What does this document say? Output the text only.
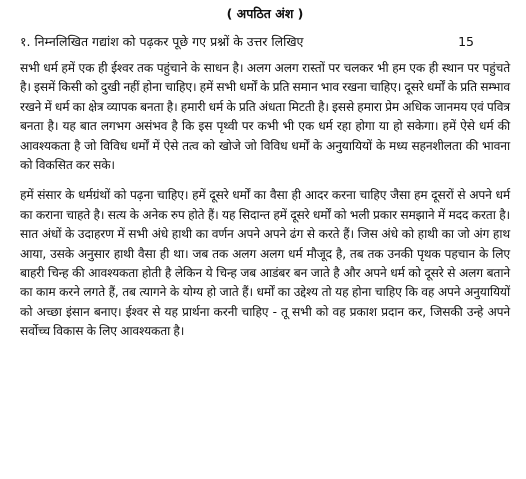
( अपठित अंश )
१. निम्नलिखित गद्यांश को पढ़कर पूछे गए प्रश्नों के उत्तर लिखिए	15

सभी धर्म हमें एक ही ईश्वर तक पहुंचाने के साधन है। अलग अलग रास्तों पर चलकर भी हम एक ही स्थान पर पहुंचते है। इसमें किसी को दुखी नहीं होना चाहिए। हमें सभी धर्मों के प्रति समान भाव रखना चाहिए। दूसरे धर्मों के प्रति सम्भाव रखने में धर्म का क्षेत्र व्यापक बनता है। हमारी धर्म के प्रति अंधता मिटती है। इससे हमारा प्रेम अधिक जानमय एवं पवित्र बनता है। यह बात लगभग असंभव है कि इस पृथ्वी पर कभी भी एक धर्म रहा होगा या हो सकेगा। हमें ऐसे धर्म की आवश्यकता है जो विविध धर्मों में ऐसे तत्व को खोजे जो विविध धर्मों के अनुयायियों के मध्य सहनशीलता की भावना को विकसित कर सके।

हमें संसार के धर्मग्रंथों को पढ़ना चाहिए। हमें दूसरे धर्मों का वैसा ही आदर करना चाहिए जैसा हम दूसरों से अपने धर्म का कराना चाहते है। सत्य के अनेक रुप होते हैं। यह सिदान्त हमें दूसरे धर्मों को भली प्रकार समझाने में मदद करता है। सात अंधों के उदाहरण में सभी अंधे हाथी का वर्णन अपने अपने ढंग से करते हैं। जिस अंधे को हाथी का जो अंग हाथ आया, उसके अनुसार हाथी वैसा ही था। जब तक अलग अलग धर्म मौजूद है, तब तक उनकी पृथक पहचान के लिए बाहरी चिन्ह की आवश्यकता होती है लेकिन ये चिन्ह जब आडंबर बन जाते है और अपने धर्म को दूसरे से अलग बताने का काम करने लगते हैं, तब त्यागने के योग्य हो जाते हैं। धर्मों का उद्देश्य तो यह होना चाहिए कि वह अपने अनुयायियों को अच्छा इंसान बनाए। ईश्वर से यह प्रार्थना करनी चाहिए - तू सभी को वह प्रकाश प्रदान कर, जिसकी उन्हे अपने सर्वोच्च विकास के लिए आवश्यकता है।
